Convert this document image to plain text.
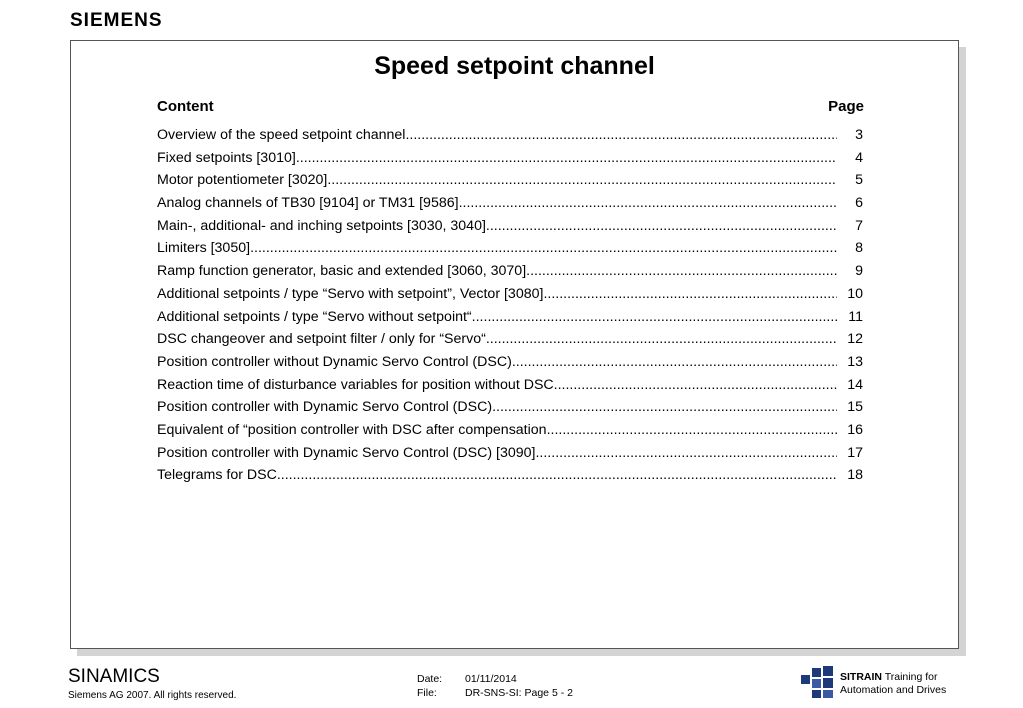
SIEMENS
Speed setpoint channel
Content	Page
Overview of the speed setpoint channel .....	3
Fixed setpoints [3010] .....	4
Motor potentiometer [3020] .....	5
Analog channels of TB30 [9104] or TM31 [9586] .....	6
Main-, additional- and inching setpoints [3030, 3040] .....	7
Limiters [3050] .....	8
Ramp function generator, basic and extended [3060, 3070] .....	9
Additional setpoints / type “Servo with setpoint”, Vector [3080] .....	10
Additional setpoints / type “Servo without setpoint“ .....	11
DSC changeover and setpoint filter / only for “Servo“ .....	12
Position controller without Dynamic Servo Control (DSC) .....	13
Reaction time of disturbance variables for position without DSC .....	14
Position controller with Dynamic Servo Control (DSC) .....	15
Equivalent of “position controller with DSC after compensation .....	16
Position controller with Dynamic Servo Control (DSC) [3090] .....	17
Telegrams for DSC .....	18
SINAMICS
Siemens AG 2007. All rights reserved.
Date: 01/11/2014
File:	DR-SNS-SI: Page 5 - 2
SITRAIN Training for
Automation and Drives
